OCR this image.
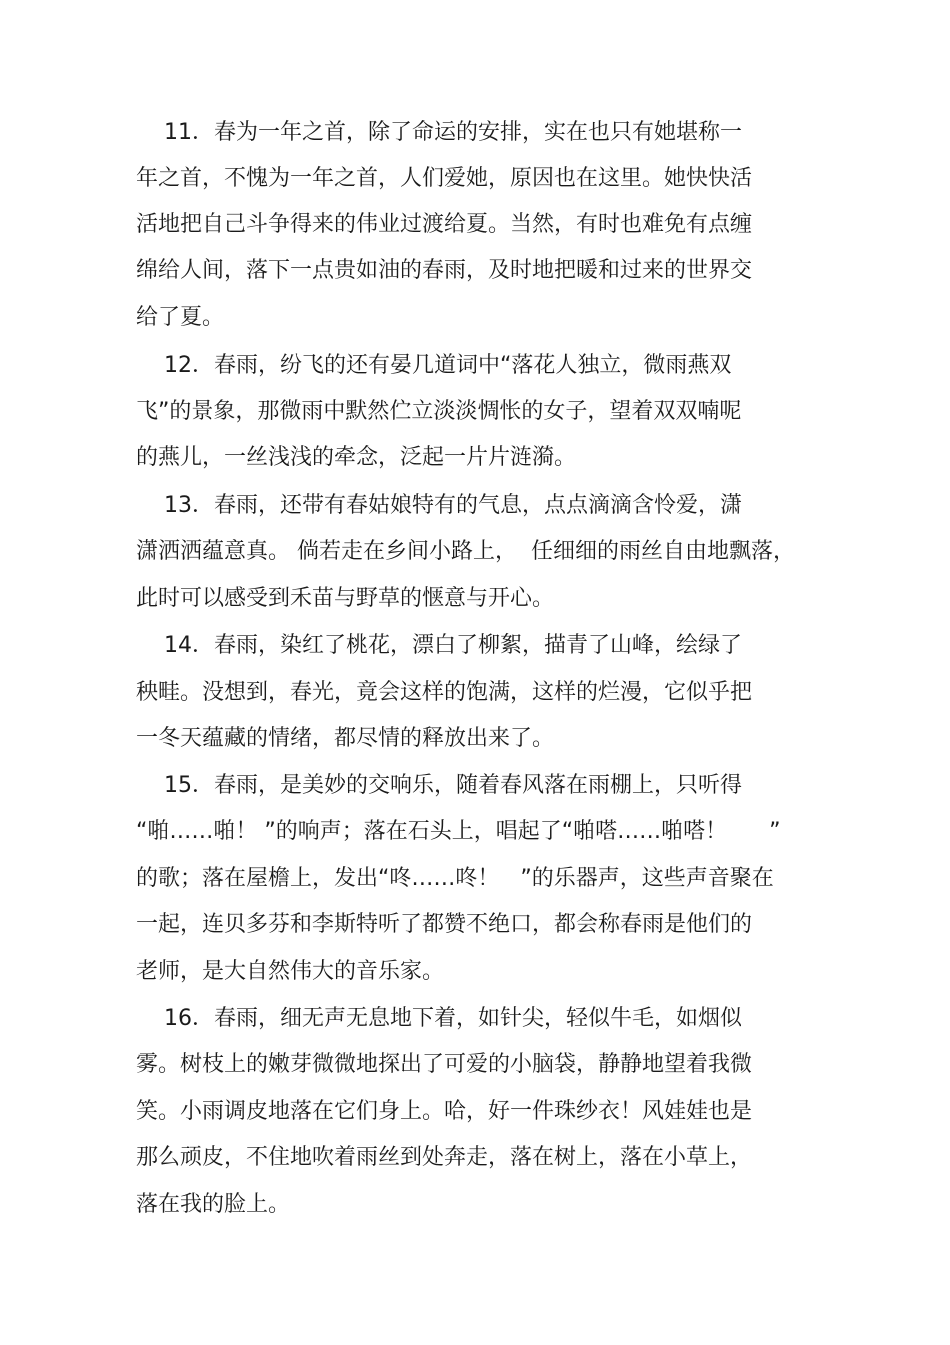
11．春为一年之首，除了命运的安排，实在也只有她堪称一
年之首，不愧为一年之首，人们爱她，原因也在这里。她快快活
活地把自己斗争得来的伟业过渡给夏。当然，有时也难免有点缠
绵给人间，落下一点贵如油的春雨，及时地把暖和过来的世界交
给了夏。
12．春雨，纷飞的还有晏几道词中“落花人独立，微雨燕双
飞”的景象，那微雨中默然伫立淡淡惆怅的女子，望着双双喃呢
的燕儿，一丝浅浅的牵念，泛起一片片涟漪。
13．春雨，还带有春姑娘特有的气息，点点滴滴含怜爱，潇
潇洒洒蕴意真。 倘若走在乡间小路上，  任细细的雨丝自由地飘落，
此时可以感受到禾苗与野草的惬意与开心。
14．春雨，染红了桃花，漂白了柳絮，描青了山峰，绘绿了
秧畦。没想到，春光，竟会这样的饱满，这样的烂漫，它似乎把
一冬天蕴藏的情绪，都尽情的释放出来了。
15．春雨，是美妙的交响乐，随着春风落在雨棚上，只听得
“啪……啪！ ”的响声；落在石头上，唱起了“啪嗒……啪嗒！      ”
的歌；落在屋檐上，发出“咚……咚！   ”的乐器声，这些声音聚在
一起，连贝多芬和李斯特听了都赞不绝口，都会称春雨是他们的
老师，是大自然伟大的音乐家。
16．春雨，细无声无息地下着，如针尖，轻似牛毛，如烟似
雾。树枝上的嫩芽微微地探出了可爱的小脑袋，静静地望着我微
笑。小雨调皮地落在它们身上。哈，好一件珠纱衣！风娃娃也是
那么顽皮，不住地吹着雨丝到处奔走，落在树上，落在小草上，
落在我的脸上。
